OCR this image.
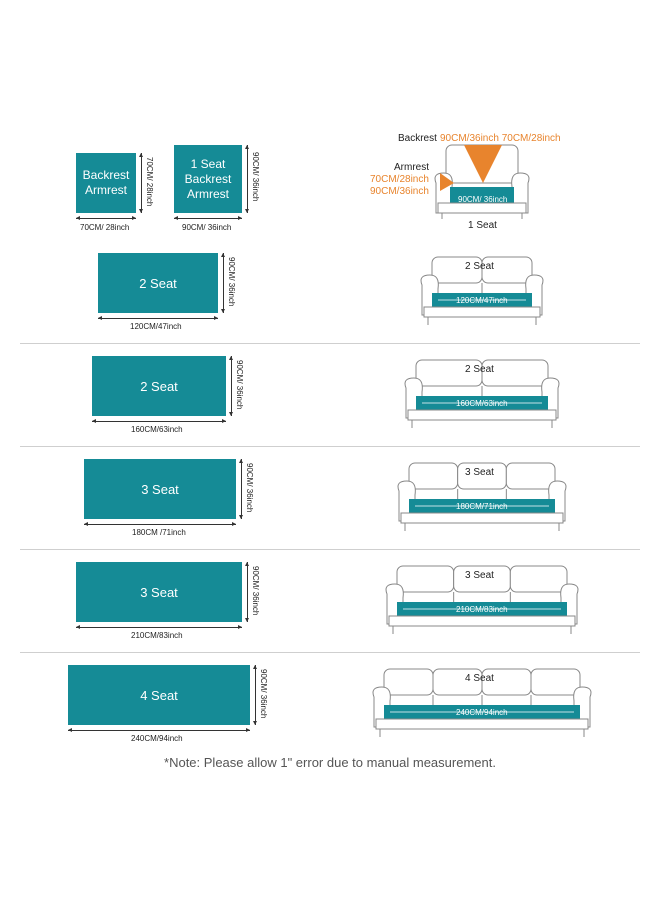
Backrest
Armrest 70CM/ 28inch
70CM/ 28inch
1 Seat
Backrest
Armrest	90CM/ 36inch
90CM/ 36inch
Backrest 90CM/36inch 70CM/28inch
Armrest
70CM/28inch
90CM/36inch
90CM/ 36inch
1 Seat
2 Seat	90CM/ 36inch
120CM/47inch
2 Seat
120CM/47inch
2 Seat	90CM/ 36inch
160CM/63inch
2 Seat
160CM/63inch
3 Seat	90CM/ 36inch
180CM /71inch
3 Seat
180CM/71inch
3 Seat	90CM/ 36inch
210CM/83inch
3 Seat
210CM/83inch
4 Seat	90CM/ 36inch
240CM/94inch
4 Seat
240CM/94inch
*Note: Please allow 1" error due to manual measurement.
